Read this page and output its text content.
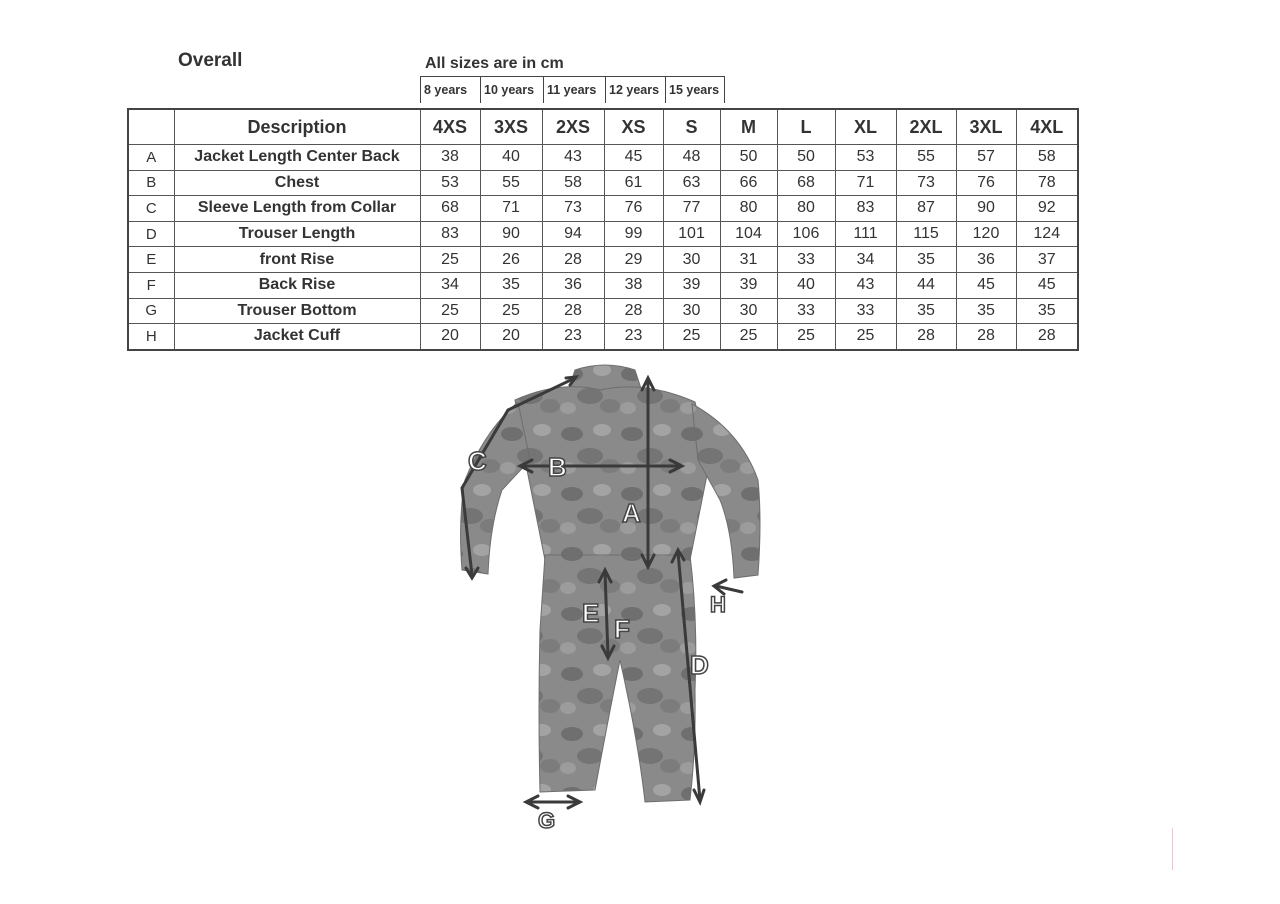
Overall	All sizes are in cm
8 years	10 years	11 years	12 years	15 years
	Description	4XS	3XS	2XS	XS	S	M	L	XL	2XL	3XL	4XL
A	Jacket Length Center Back	38	40	43	45	48	50	50	53	55	57	58
B	Chest	53	55	58	61	63	66	68	71	73	76	78
C	Sleeve Length from Collar	68	71	73	76	77	80	80	83	87	90	92
D	Trouser Length	83	90	94	99	101	104	106	111	115	120	124
E	front Rise	25	26	28	29	30	31	33	34	35	36	37
F	Back Rise	34	35	36	38	39	39	40	43	44	45	45
G	Trouser Bottom	25	25	28	28	30	30	33	33	35	35	35
H	Jacket Cuff	20	20	23	23	25	25	25	25	28	28	28
C B
A
E
F
D
H
G
